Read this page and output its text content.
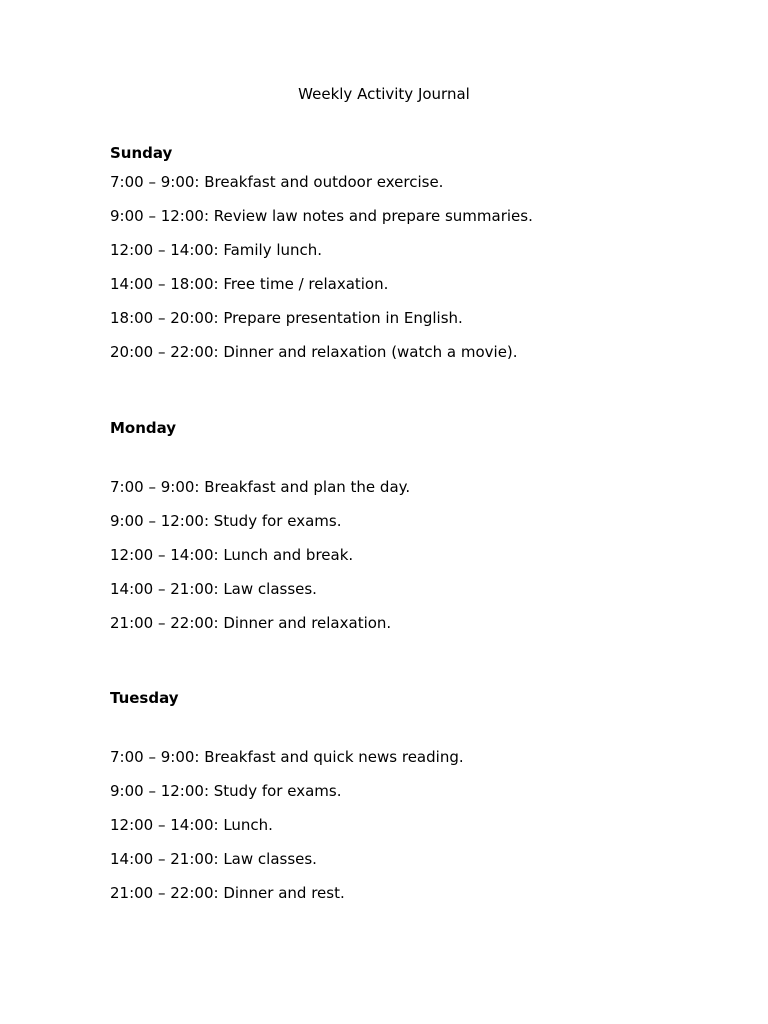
Weekly Activity Journal
Sunday
7:00 – 9:00: Breakfast and outdoor exercise.
9:00 – 12:00: Review law notes and prepare summaries.
12:00 – 14:00: Family lunch.
14:00 – 18:00: Free time / relaxation.
18:00 – 20:00: Prepare presentation in English.
20:00 – 22:00: Dinner and relaxation (watch a movie).
Monday
7:00 – 9:00: Breakfast and plan the day.
9:00 – 12:00: Study for exams.
12:00 – 14:00: Lunch and break.
14:00 – 21:00: Law classes.
21:00 – 22:00: Dinner and relaxation.
Tuesday
7:00 – 9:00: Breakfast and quick news reading.
9:00 – 12:00: Study for exams.
12:00 – 14:00: Lunch.
14:00 – 21:00: Law classes.
21:00 – 22:00: Dinner and rest.
